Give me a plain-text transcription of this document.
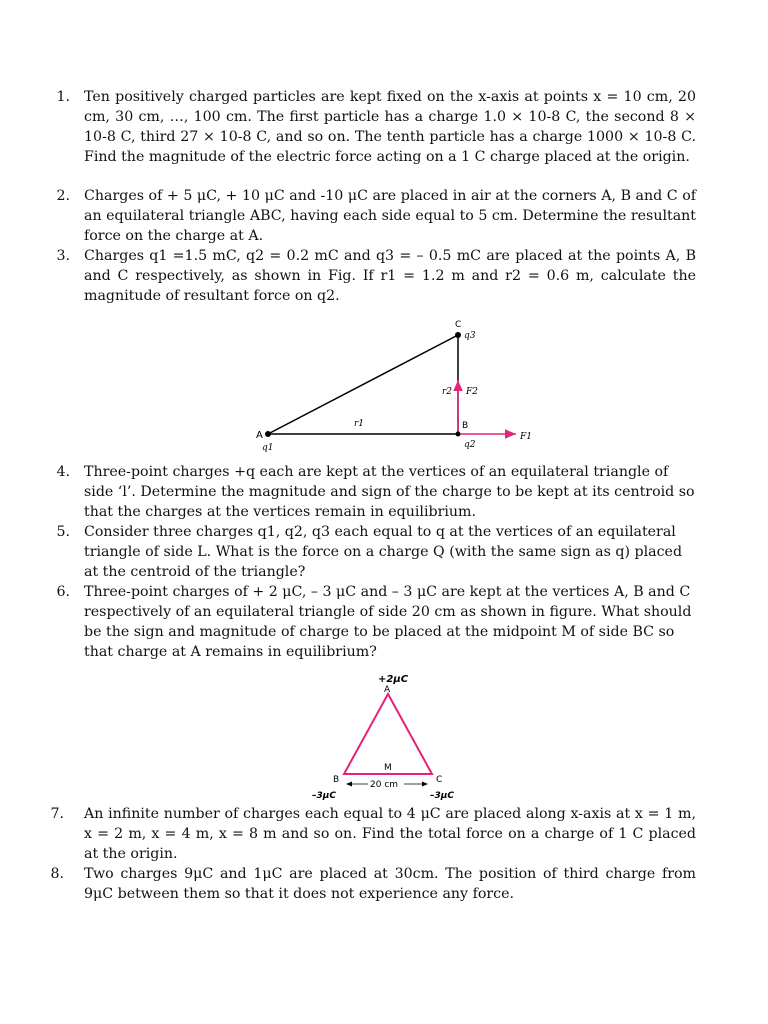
1. Ten positively charged particles are kept fixed on the x-axis at points x = 10 cm, 20 cm, 30 cm, …, 100 cm. The first particle has a charge 1.0 × 10-8 C, the second 8 × 10-8 C, third 27 × 10-8 C, and so on. The tenth particle has a charge 1000 × 10-8 C. Find the magnitude of the electric force acting on a 1 C charge placed at the origin.
2. Charges of + 5 μC, + 10 μC and -10 μC are placed in air at the corners A, B and C of an equilateral triangle ABC, having each side equal to 5 cm. Determine the resultant force on the charge at A.
3. Charges q1 =1.5 mC, q2 = 0.2 mC and q3 = – 0.5 mC are placed at the points A, B and C respectively, as shown in Fig. If r1 = 1.2 m and r2 = 0.6 m, calculate the magnitude of resultant force on q2.
A
q1
C
q3
r1
r2 F2
B
q2
F1
4. Three-point charges +q each are kept at the vertices of an equilateral triangle of side ‘l’. Determine the magnitude and sign of the charge to be kept at its centroid so that the charges at the vertices remain in equilibrium.
5. Consider three charges q1, q2, q3 each equal to q at the vertices of an equilateral triangle of side L. What is the force on a charge Q (with the same sign as q) placed at the centroid of the triangle?
6. Three-point charges of + 2 μC, – 3 μC and – 3 μC are kept at the vertices A, B and C respectively of an equilateral triangle of side 20 cm as shown in figure. What should be the sign and magnitude of charge to be placed at the midpoint M of side BC so that charge at A remains in equilibrium?
+2μC
A
M
B	C
20 cm
–3μC	–3μC
7. An infinite number of charges each equal to 4 μC are placed along x-axis at x = 1 m, x = 2 m, x = 4 m, x = 8 m and so on. Find the total force on a charge of 1 C placed at the origin.
8. Two charges 9μC and 1μC are placed at 30cm. The position of third charge from 9μC between them so that it does not experience any force.
